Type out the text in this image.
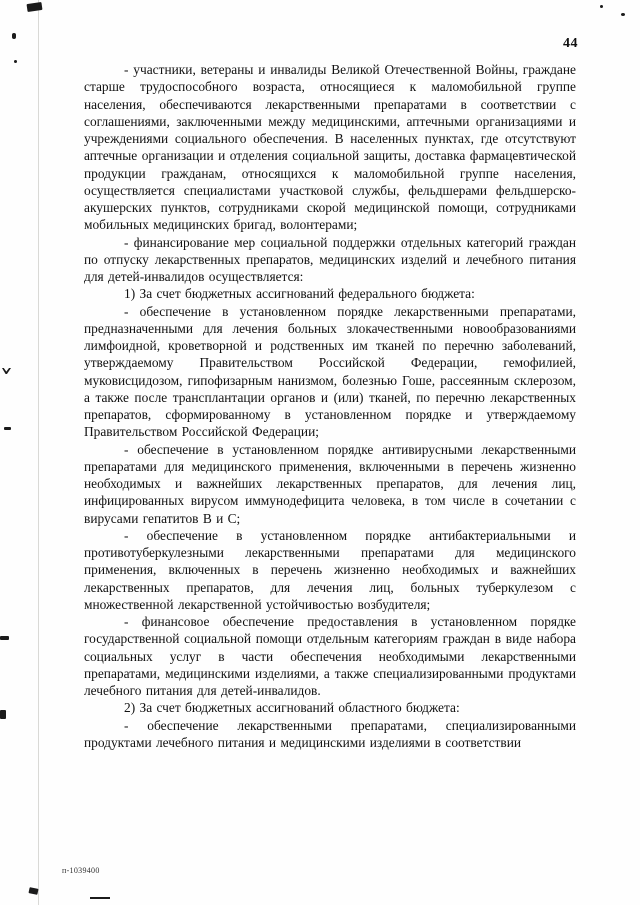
44

- участники, ветераны и инвалиды Великой Отечественной Войны, граждане старше трудоспособного возраста, относящиеся к маломобильной группе населения, обеспечиваются лекарственными препаратами в соответствии с соглашениями, заключенными между медицинскими, аптечными организациями и учреждениями социального обеспечения. В населенных пунктах, где отсутствуют аптечные организации и отделения социальной защиты, доставка фармацевтической продукции гражданам, относящихся к маломобильной группе населения, осуществляется специалистами участковой службы, фельдшерами фельдшерско-акушерских пунктов, сотрудниками скорой медицинской помощи, сотрудниками мобильных медицинских бригад, волонтерами;

- финансирование мер социальной поддержки отдельных категорий граждан по отпуску лекарственных препаратов, медицинских изделий и лечебного питания для детей-инвалидов осуществляется:

1) За счет бюджетных ассигнований федерального бюджета:

- обеспечение в установленном порядке лекарственными препаратами, предназначенными для лечения больных злокачественными новообразованиями лимфоидной, кроветворной и родственных им тканей по перечню заболеваний, утверждаемому Правительством Российской Федерации, гемофилией, муковисцидозом, гипофизарным нанизмом, болезнью Гоше, рассеянным склерозом, а также после трансплантации органов и (или) тканей, по перечню лекарственных препаратов, сформированному в установленном порядке и утверждаемому Правительством Российской Федерации;

- обеспечение в установленном порядке антивирусными лекарственными препаратами для медицинского применения, включенными в перечень жизненно необходимых и важнейших лекарственных препаратов, для лечения лиц, инфицированных вирусом иммунодефицита человека, в том числе в сочетании с вирусами гепатитов В и С;

- обеспечение в установленном порядке антибактериальными и противотуберкулезными лекарственными препаратами для медицинского применения, включенных в перечень жизненно необходимых и важнейших лекарственных препаратов, для лечения лиц, больных туберкулезом с множественной лекарственной устойчивостью возбудителя;

- финансовое обеспечение предоставления в установленном порядке государственной социальной помощи отдельным категориям граждан в виде набора социальных услуг в части обеспечения необходимыми лекарственными препаратами, медицинскими изделиями, а также специализированными продуктами лечебного питания для детей-инвалидов.

2) За счет бюджетных ассигнований областного бюджета:

- обеспечение лекарственными препаратами, специализированными продуктами лечебного питания и медицинскими изделиями в соответствии

п-1039400
